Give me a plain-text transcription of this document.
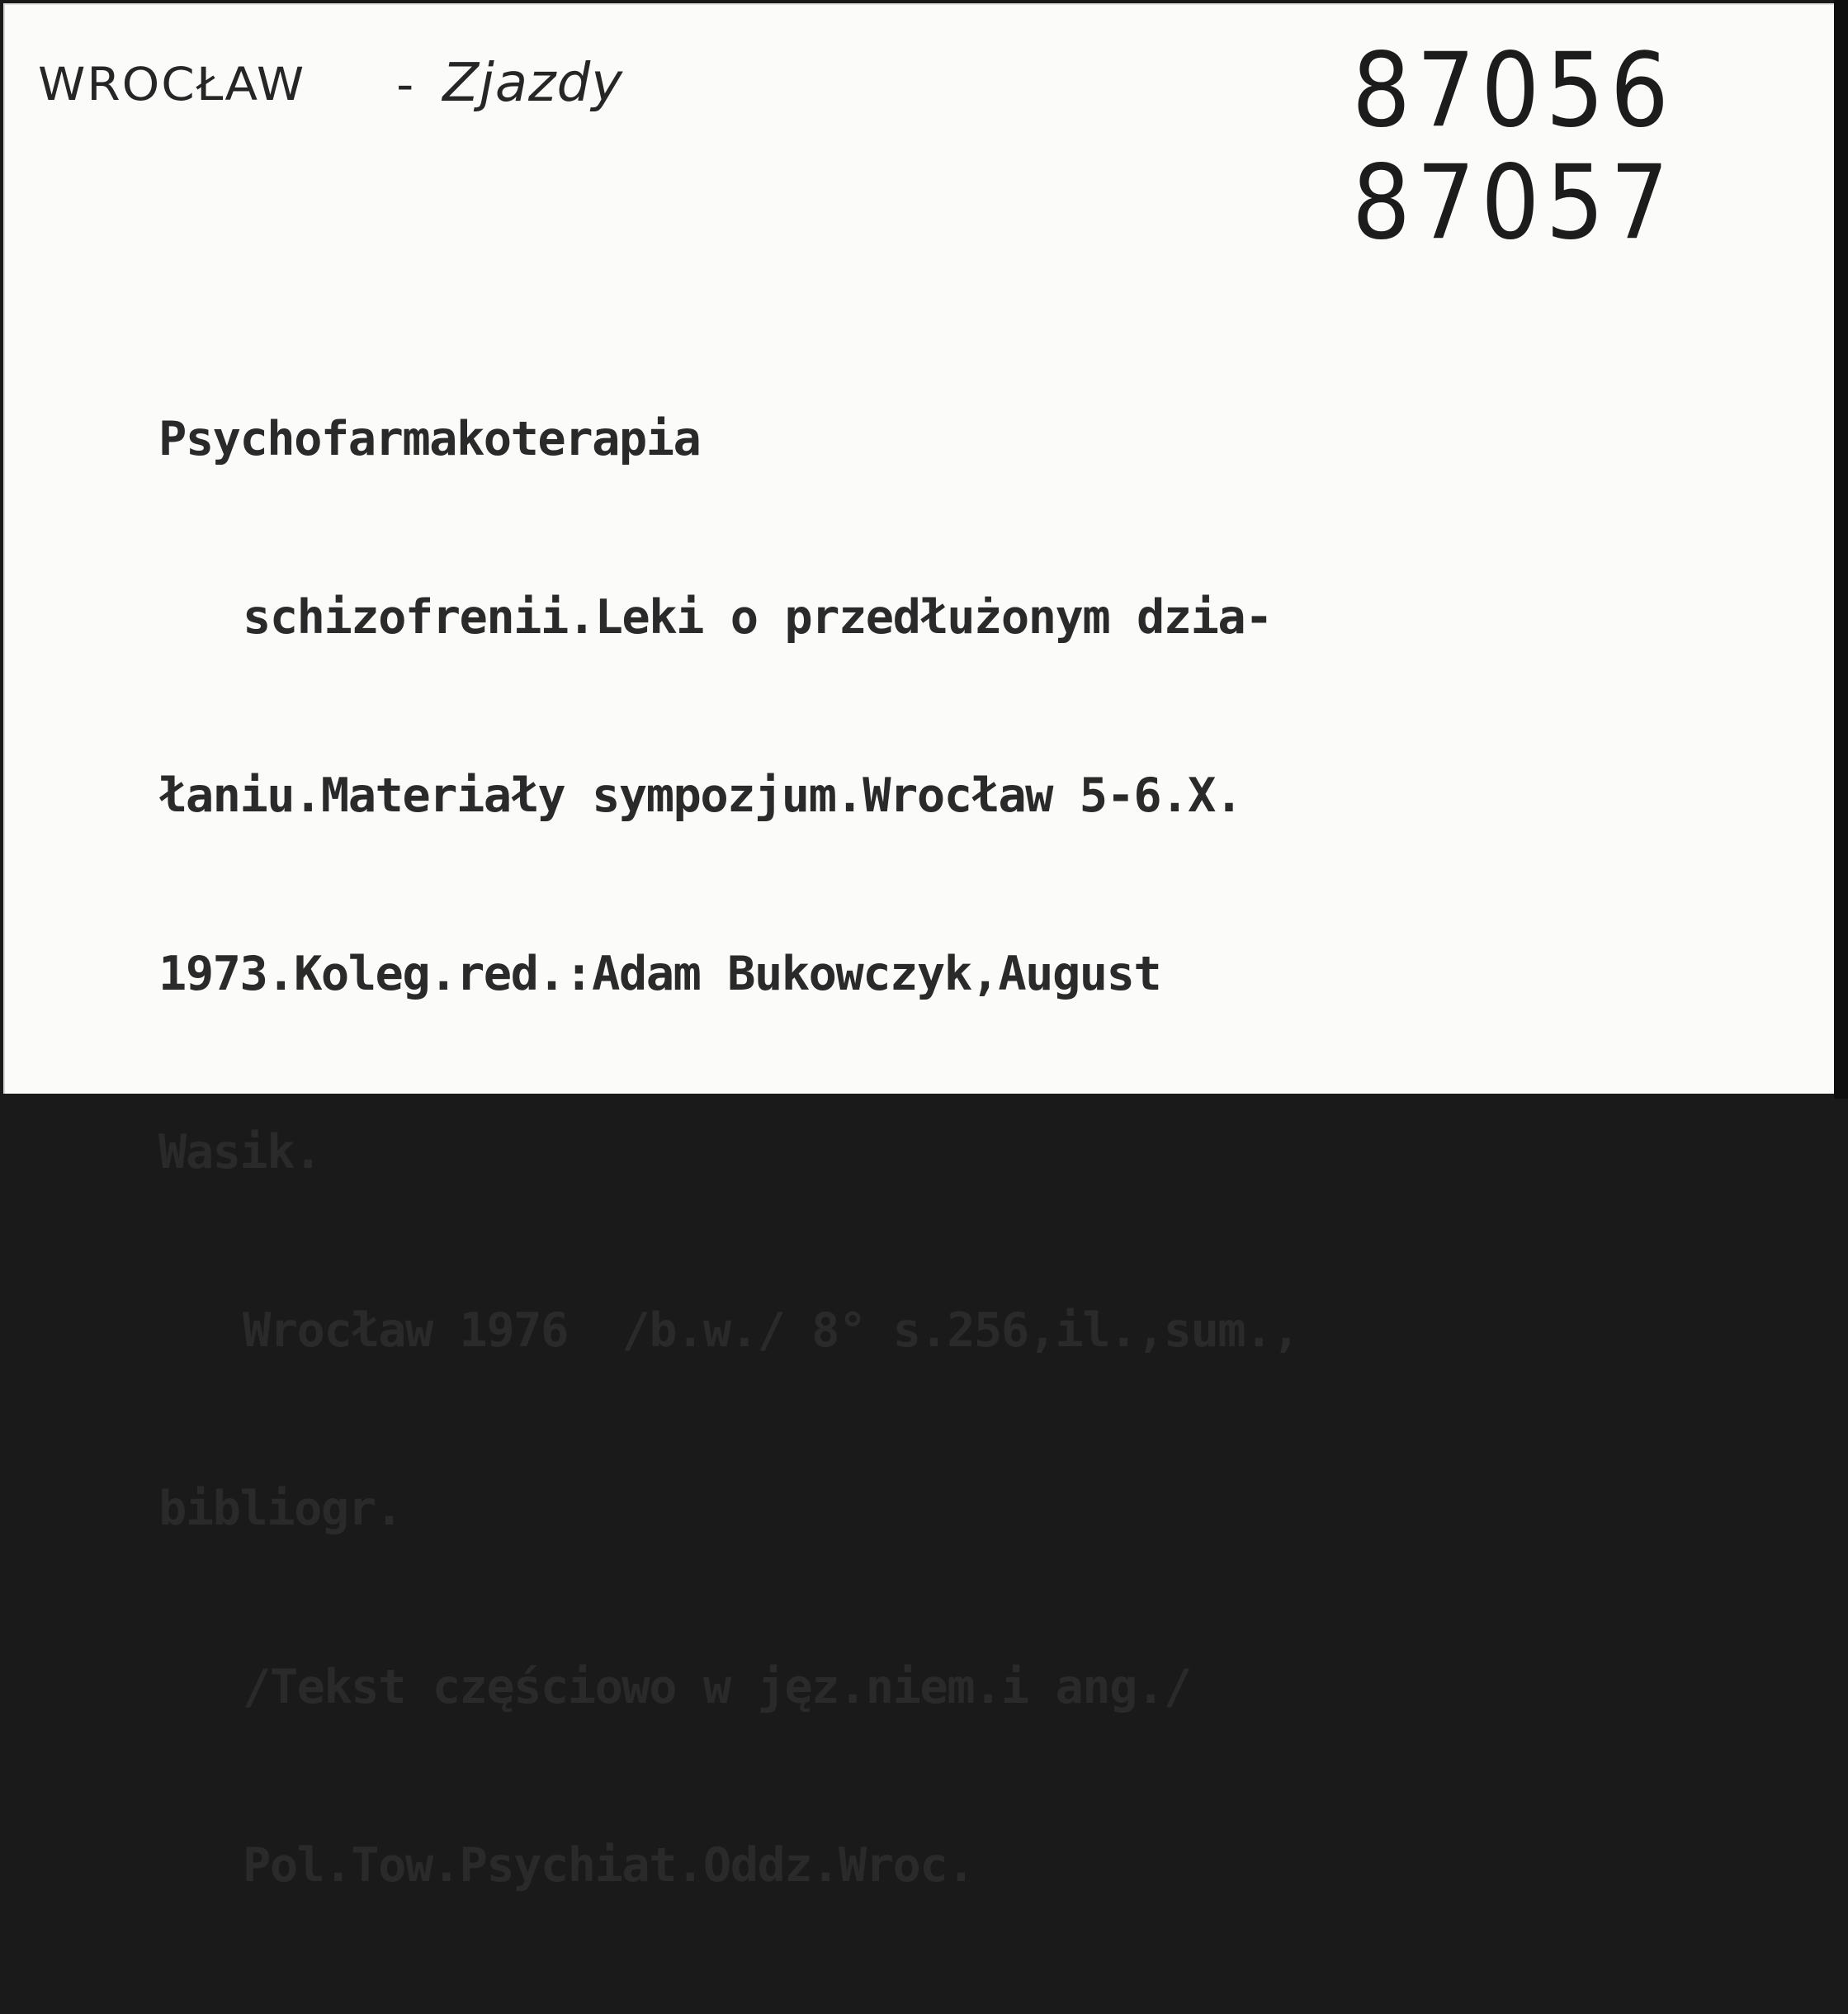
WROCŁAW - Zjazdy	87056
87057

Psychofarmakoterapia

schizofrenii.Leki o przedłużonym dzia-

łaniu.Materiały sympozjum.Wrocław 5-6.X.

1973.Koleg.red.:Adam Bukowczyk,August

Wasik.

Wrocław 1976  /b.w./ 8° s.256,il.,sum.,

bibliogr.

/Tekst częściowo w jęz.niem.i ang./

Pol.Tow.Psychiat.Oddz.Wroc.
